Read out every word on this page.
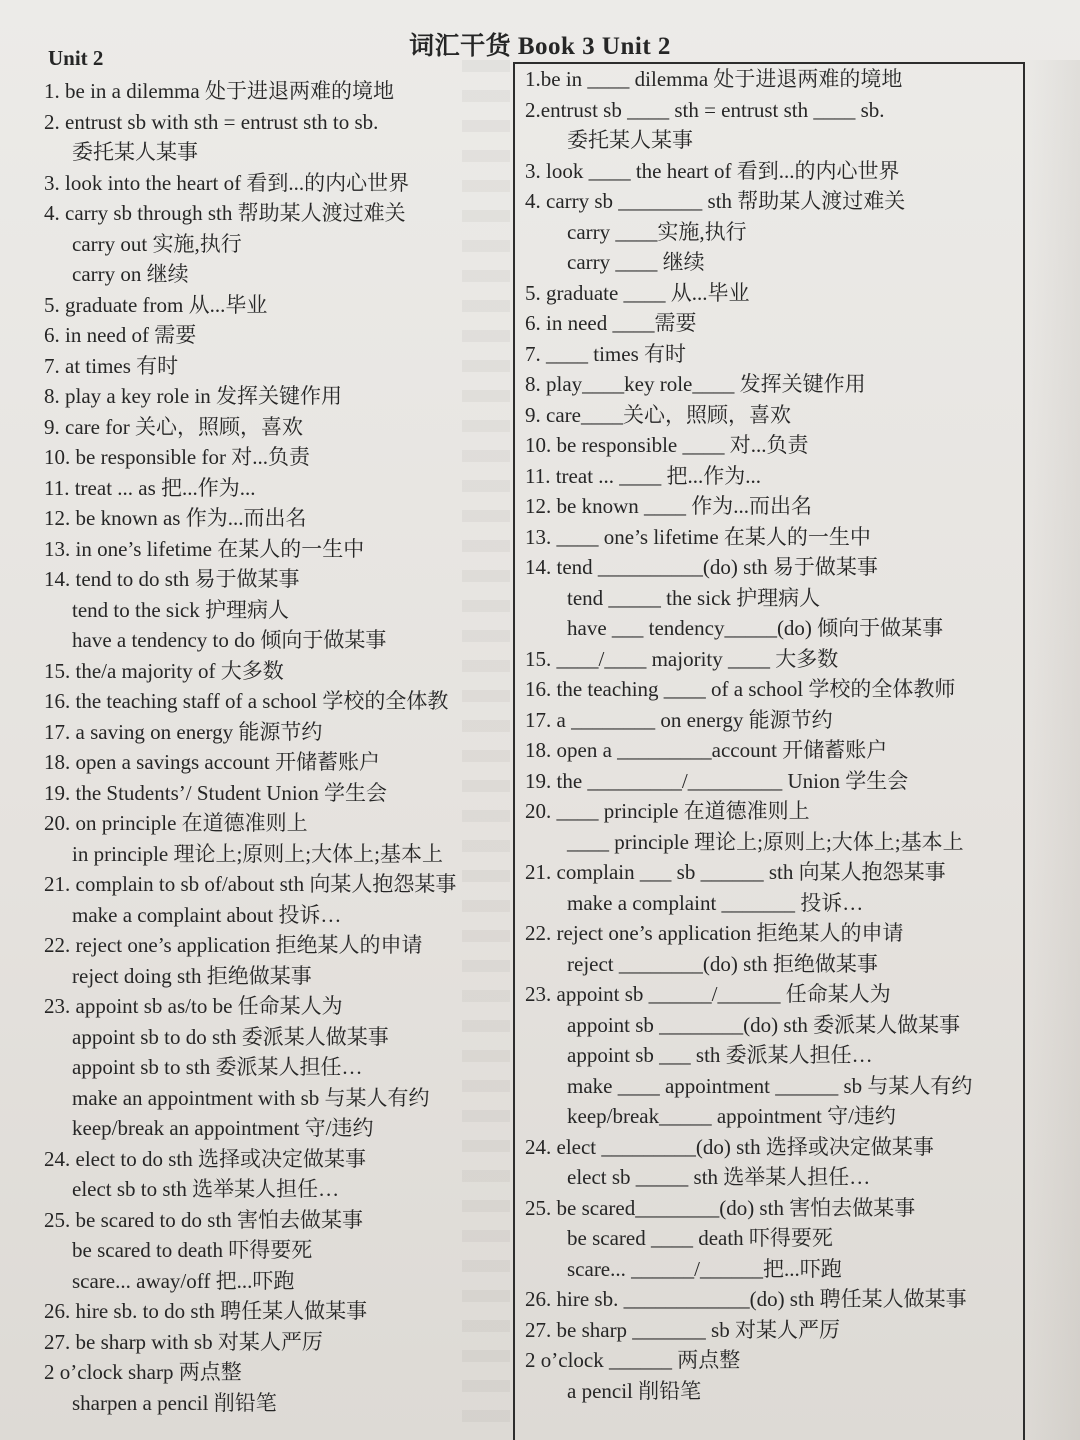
词汇干货 Book 3 Unit 2
Unit 2
1. be in a dilemma 处于进退两难的境地
2. entrust sb with sth = entrust sth to sb.
委托某人某事
3. look into the heart of 看到...的内心世界
4. carry sb through sth 帮助某人渡过难关
carry out 实施,执行
carry on 继续
5. graduate from 从...毕业
6. in need of 需要
7. at times 有时
8. play a key role in 发挥关键作用
9. care for 关心，照顾，喜欢
10. be responsible for 对...负责
11. treat ... as 把...作为...
12. be known as 作为...而出名
13. in one’s lifetime 在某人的一生中
14. tend to do sth 易于做某事
tend to the sick 护理病人
have a tendency to do 倾向于做某事
15. the/a majority of 大多数
16. the teaching staff of a school 学校的全体教
17. a saving on energy 能源节约
18. open a savings account 开储蓄账户
19. the Students’/ Student Union 学生会
20. on principle 在道德准则上
in principle 理论上;原则上;大体上;基本上
21. complain to sb of/about sth 向某人抱怨某事
make a complaint about 投诉…
22. reject one’s application 拒绝某人的申请
reject doing sth 拒绝做某事
23. appoint sb as/to be 任命某人为
appoint sb to do sth 委派某人做某事
appoint sb to sth 委派某人担任…
make an appointment with sb 与某人有约
keep/break an appointment 守/违约
24. elect to do sth 选择或决定做某事
elect sb to sth 选举某人担任…
25. be scared to do sth 害怕去做某事
be scared to death 吓得要死
scare... away/off 把...吓跑
26. hire sb. to do sth 聘任某人做某事
27. be sharp with sb 对某人严厉
2 o’clock sharp 两点整
sharpen a pencil 削铅笔
1.be in ____ dilemma 处于进退两难的境地
2.entrust sb ____ sth = entrust sth ____ sb.
委托某人某事
3. look ____ the heart of 看到...的内心世界
4. carry sb ________ sth 帮助某人渡过难关
carry ____实施,执行
carry ____ 继续
5. graduate ____ 从...毕业
6. in need ____需要
7. ____ times 有时
8. play____key role____ 发挥关键作用
9. care____关心，照顾，喜欢
10. be responsible ____ 对...负责
11. treat ... ____ 把...作为...
12. be known ____ 作为...而出名
13. ____ one’s lifetime 在某人的一生中
14. tend __________(do) sth 易于做某事
tend _____ the sick 护理病人
have ___ tendency_____(do) 倾向于做某事
15. ____/____ majority ____ 大多数
16. the teaching ____ of a school 学校的全体教师
17. a ________ on energy 能源节约
18. open a _________account 开储蓄账户
19. the _________/_________ Union 学生会
20. ____ principle 在道德准则上
____ principle 理论上;原则上;大体上;基本上
21. complain ___ sb ______ sth 向某人抱怨某事
make a complaint _______ 投诉…
22. reject one’s application 拒绝某人的申请
reject ________(do) sth 拒绝做某事
23. appoint sb ______/______ 任命某人为
appoint sb ________(do) sth 委派某人做某事
appoint sb ___ sth 委派某人担任…
make ____ appointment ______ sb 与某人有约
keep/break_____ appointment 守/违约
24. elect _________(do) sth 选择或决定做某事
elect sb _____ sth 选举某人担任…
25. be scared________(do) sth 害怕去做某事
be scared ____ death 吓得要死
scare... ______/______把...吓跑
26. hire sb. ____________(do) sth 聘任某人做某事
27. be sharp _______ sb 对某人严厉
2 o’clock ______ 两点整
a pencil 削铅笔
